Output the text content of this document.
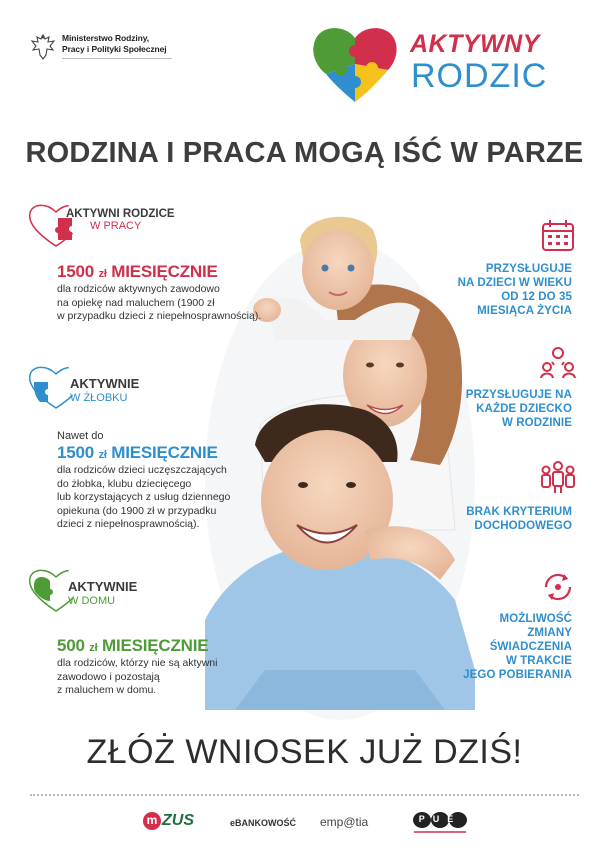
Ministerstwo Rodziny,
Pracy i Polityki Społecznej	AKTYWNY
RODZIC
RODZINA I PRACA MOGĄ IŚĆ W PARZE
AKTYWNI RODZICE
W PRACY
1500 zł MIESIĘCZNIE
dla rodziców aktywnych zawodowo
na opiekę nad maluchem (1900 zł
w przypadku dzieci z niepełnosprawnością).
AKTYWNIE
W ŻŁOBKU
Nawet do
1500 zł MIESIĘCZNIE
dla rodziców dzieci uczęszczających
do żłobka, klubu dziecięcego
lub korzystających z usług dziennego
opiekuna (do 1900 zł w przypadku
dzieci z niepełnosprawnością).
AKTYWNIE
W DOMU
500 zł MIESIĘCZNIE
dla rodziców, którzy nie są aktywni
zawodowo i pozostają
z maluchem w domu.
PRZYSŁUGUJE
NA DZIECI W WIEKU
OD 12 DO 35
MIESIĄCA ŻYCIA
PRZYSŁUGUJE NA
KAŻDE DZIECKO
W RODZINIE
BRAK KRYTERIUM
DOCHODOWEGO
MOŻLIWOŚĆ
ZMIANY
ŚWIADCZENIA
W TRAKCIE
JEGO POBIERANIA
ZŁÓŻ WNIOSEK JUŻ DZIŚ!
m ZUS	eBANKOWOŚĆ emp@tia	PUE
